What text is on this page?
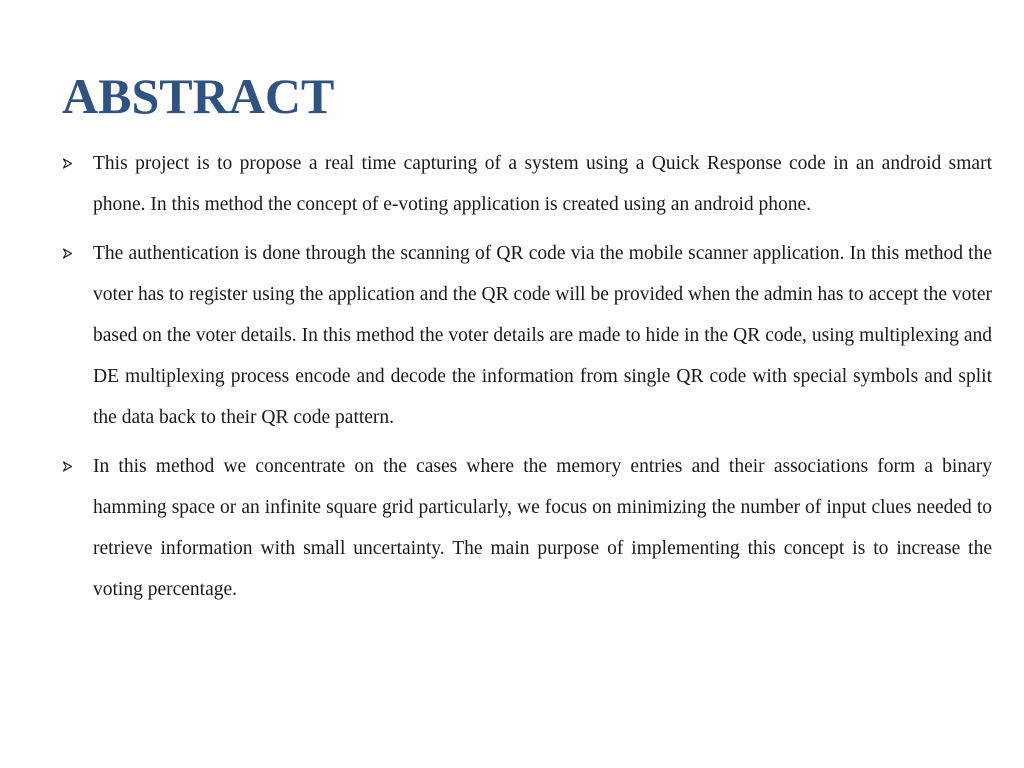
ABSTRACT
This project is to propose a real time capturing of a system using a Quick Response code in an android smart phone. In this method the concept of e-voting application is created using an android phone.
The authentication is done through the scanning of QR code via the mobile scanner application. In this method the voter has to register using the application and the QR code will be provided when the admin has to accept the voter based on the voter details. In this method the voter details are made to hide in the QR code, using multiplexing and DE multiplexing process encode and decode the information from single QR code with special symbols and split the data back to their QR code pattern.
In this method we concentrate on the cases where the memory entries and their associations form a binary hamming space or an infinite square grid particularly, we focus on minimizing the number of input clues needed to retrieve information with small uncertainty. The main purpose of implementing this concept is to increase the voting percentage.
